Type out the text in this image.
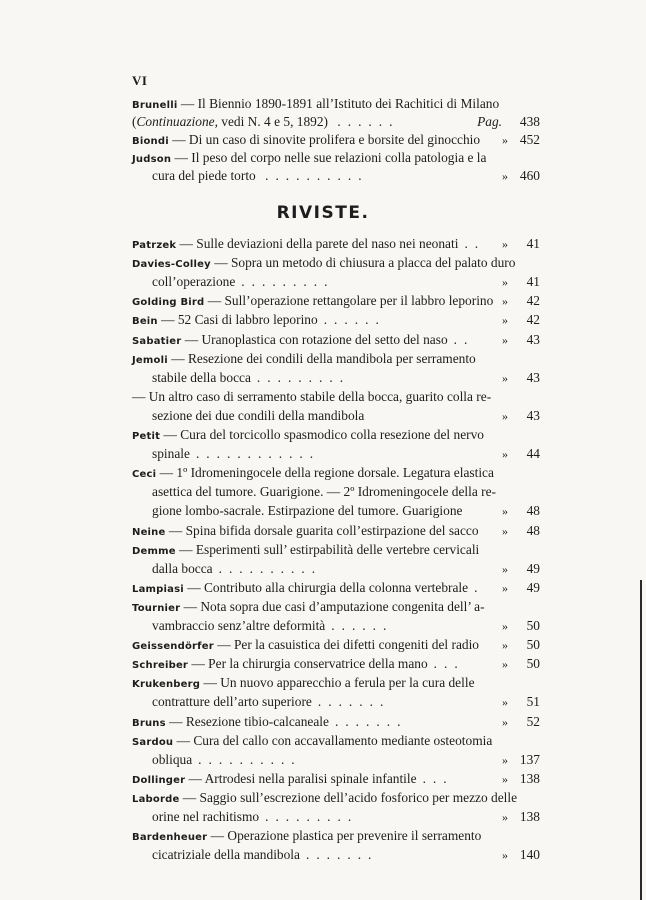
VI
Brunelli — Il Biennio 1890-1891 all’Istituto dei Rachitici di Milano
(Continuazione, vedi N. 4 e 5, 1892) ......	Pag. 438
Biondi — Di un caso di sinovite prolifera e borsite del ginocchio	» 452
Judson — Il peso del corpo nelle sue relazioni colla patologia e la
cura del piede torto ..........	» 460
RIVISTE.
Patrzek — Sulle deviazioni della parete del naso nei neonati ..	» 41
Davies-Colley — Sopra un metodo di chiusura a placca del palato duro
coll’operazione .........	» 41
Golding Bird — Sull’operazione rettangolare per il labbro leporino » 42
Bein — 52 Casi di labbro leporino ......	» 42
Sabatier — Uranoplastica con rotazione del setto del naso ..	» 43
Jemoli — Resezione dei condili della mandibola per serramento
stabile della bocca .........	» 43
— Un altro caso di serramento stabile della bocca, guarito colla re-
sezione dei due condili della mandibola	» 43
Petit — Cura del torcicollo spasmodico colla resezione del nervo
spinale ............	» 44
Ceci — 1º Idromeningocele della regione dorsale. Legatura elastica
asettica del tumore. Guarigione. — 2º Idromeningocele della re-
gione lombo-sacrale. Estirpazione del tumore. Guarigione	» 48
Neine — Spina bifida dorsale guarita coll’estirpazione del sacco	» 48
Demme — Esperimenti sull’ estirpabilità delle vertebre cervicali
dalla bocca ..........	» 49
Lampiasi — Contributo alla chirurgia della colonna vertebrale .	» 49
Tournier — Nota sopra due casi d’amputazione congenita dell’ a-
vambraccio senz’altre deformità ......	» 50
Geissendörfer — Per la casuistica dei difetti congeniti del radio	» 50
Schreiber — Per la chirurgia conservatrice della mano ...	» 50
Krukenberg — Un nuovo apparecchio a ferula per la cura delle
contratture dell’arto superiore .......	» 51
Bruns — Resezione tibio-calcaneale .......	» 52
Sardou — Cura del callo con accavallamento mediante osteotomia
obliqua ..........	» 137
Dollinger — Artrodesi nella paralisi spinale infantile ...	» 138
Laborde — Saggio sull’escrezione dell’acido fosforico per mezzo delle
orine nel rachitismo .........	» 138
Bardenheuer — Operazione plastica per prevenire il serramento
cicatriziale della mandibola .......	» 140
